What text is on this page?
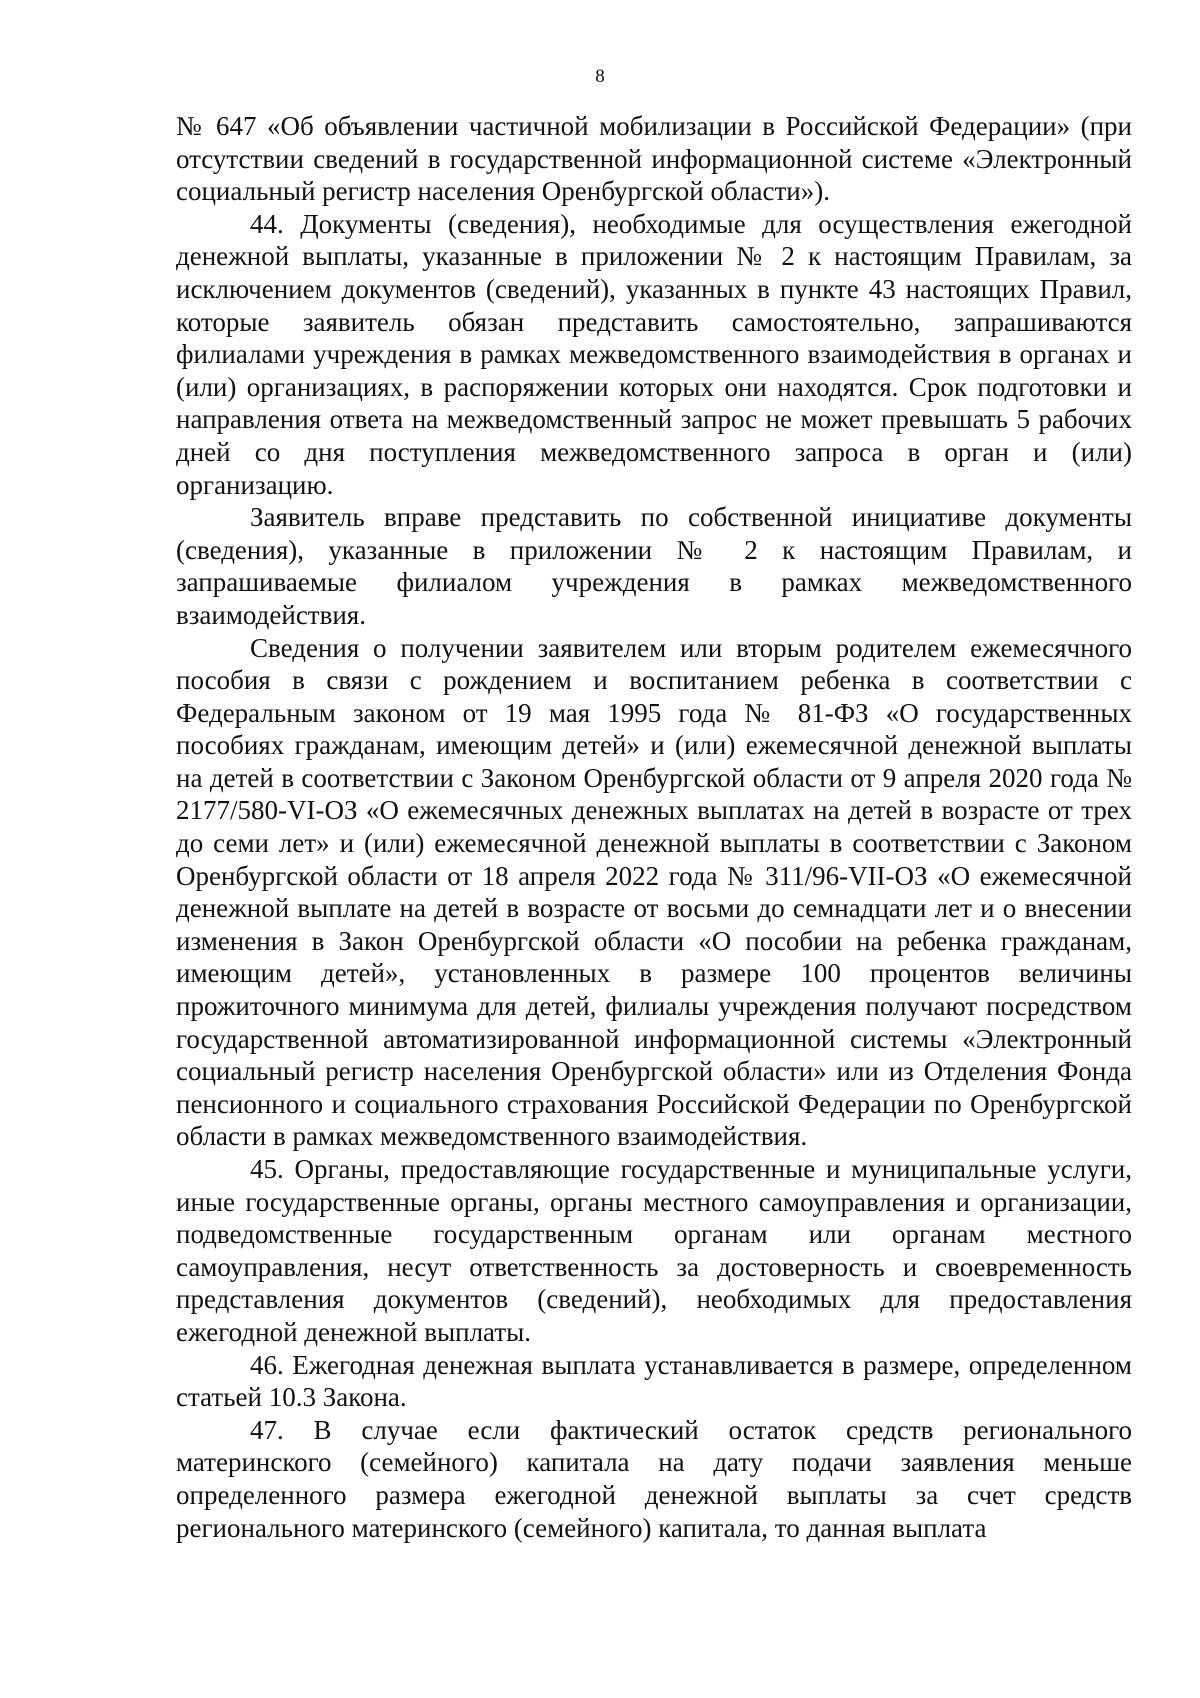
8

№ 647 «Об объявлении частичной мобилизации в Российской Федерации» (при отсутствии сведений в государственной информационной системе «Электронный социальный регистр населения Оренбургской области»).

44. Документы (сведения), необходимые для осуществления ежегодной денежной выплаты, указанные в приложении № 2 к настоящим Правилам, за исключением документов (сведений), указанных в пункте 43 настоящих Правил, которые заявитель обязан представить самостоятельно, запрашиваются филиалами учреждения в рамках межведомственного взаимодействия в органах и (или) организациях, в распоряжении которых они находятся. Срок подготовки и направления ответа на межведомственный запрос не может превышать 5 рабочих дней со дня поступления межведомственного запроса в орган и (или) организацию.

Заявитель вправе представить по собственной инициативе документы (сведения), указанные в приложении № 2 к настоящим Правилам, и запрашиваемые филиалом учреждения в рамках межведомственного взаимодействия.

Сведения о получении заявителем или вторым родителем ежемесячного пособия в связи с рождением и воспитанием ребенка в соответствии с Федеральным законом от 19 мая 1995 года № 81-ФЗ «О государственных пособиях гражданам, имеющим детей» и (или) ежемесячной денежной выплаты на детей в соответствии с Законом Оренбургской области от 9 апреля 2020 года № 2177/580-VI-ОЗ «О ежемесячных денежных выплатах на детей в возрасте от трех до семи лет» и (или) ежемесячной денежной выплаты в соответствии с Законом Оренбургской области от 18 апреля 2022 года № 311/96-VII-ОЗ «О ежемесячной денежной выплате на детей в возрасте от восьми до семнадцати лет и о внесении изменения в Закон Оренбургской области «О пособии на ребенка гражданам, имеющим детей», установленных в размере 100 процентов величины прожиточного минимума для детей, филиалы учреждения получают посредством государственной автоматизированной информационной системы «Электронный социальный регистр населения Оренбургской области» или из Отделения Фонда пенсионного и социального страхования Российской Федерации по Оренбургской области в рамках межведомственного взаимодействия.

45. Органы, предоставляющие государственные и муниципальные услуги, иные государственные органы, органы местного самоуправления и организации, подведомственные государственным органам или органам местного самоуправления, несут ответственность за достоверность и своевременность представления документов (сведений), необходимых для предоставления ежегодной денежной выплаты.

46. Ежегодная денежная выплата устанавливается в размере, определенном статьей 10.3 Закона.

47. В случае если фактический остаток средств регионального материнского (семейного) капитала на дату подачи заявления меньше определенного размера ежегодной денежной выплаты за счет средств регионального материнского (семейного) капитала, то данная выплата
